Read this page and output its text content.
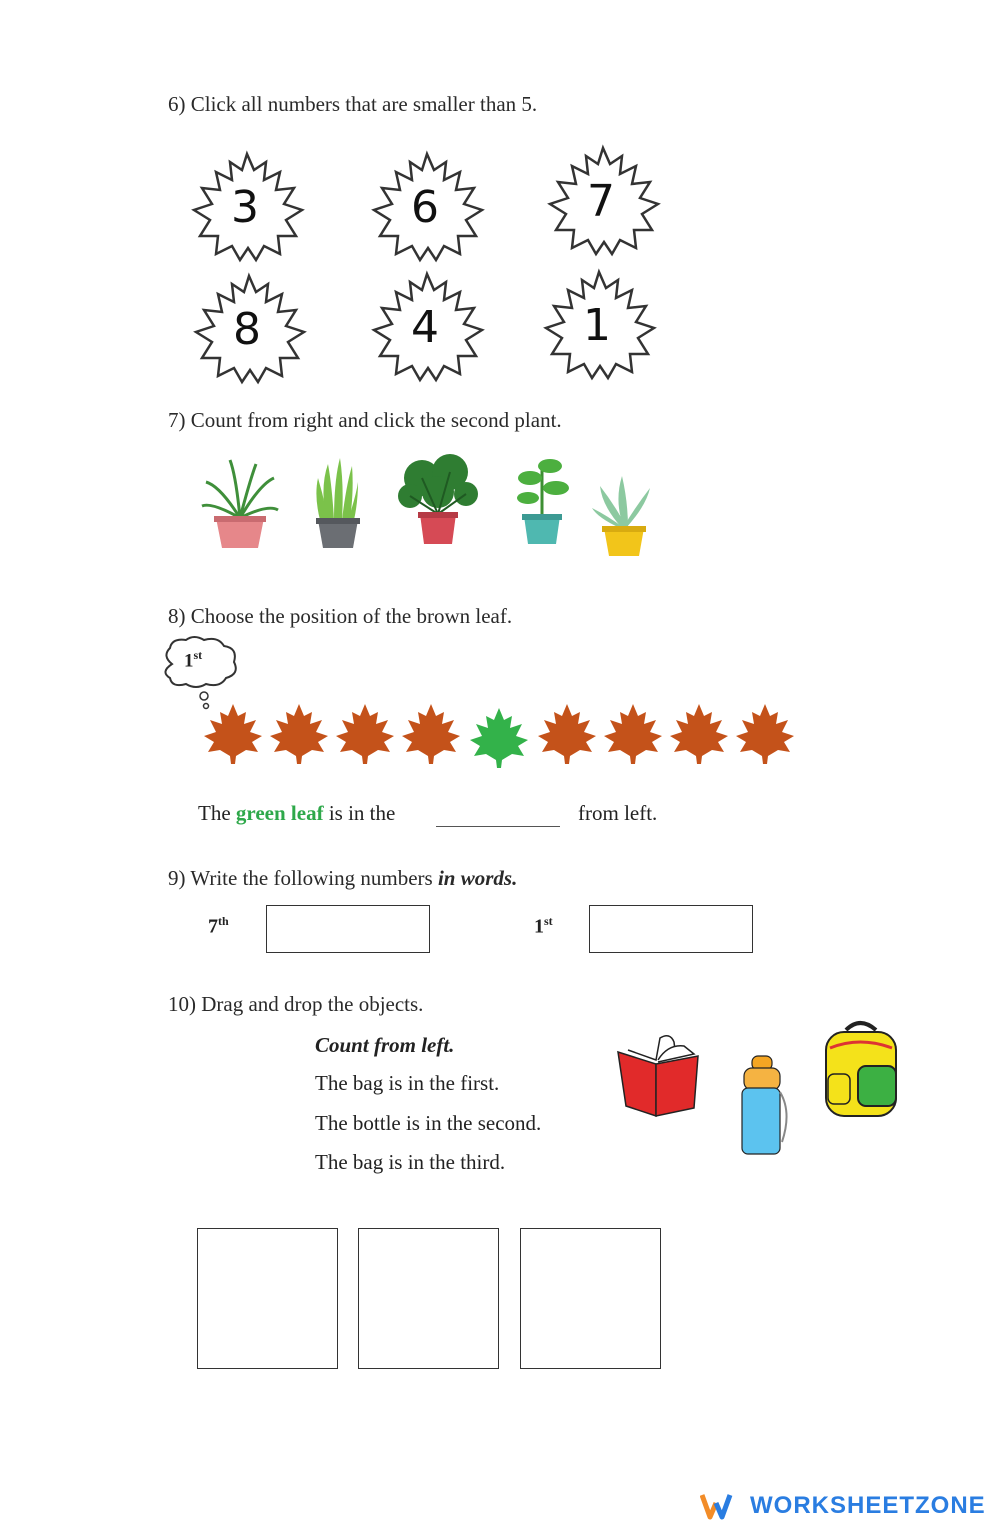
6) Click all numbers that are smaller than 5.
3	6	7
8	4	1
7) Count from right and click the second plant.
8) Choose the position of the brown leaf.
1st
The green leaf is in the	from left.
9) Write the following numbers in words.
7th	1st
10) Drag and drop the objects.
Count from left.
The bag is in the first.
The bottle is in the second.
The bag is in the third.
WORKSHEETZONE
